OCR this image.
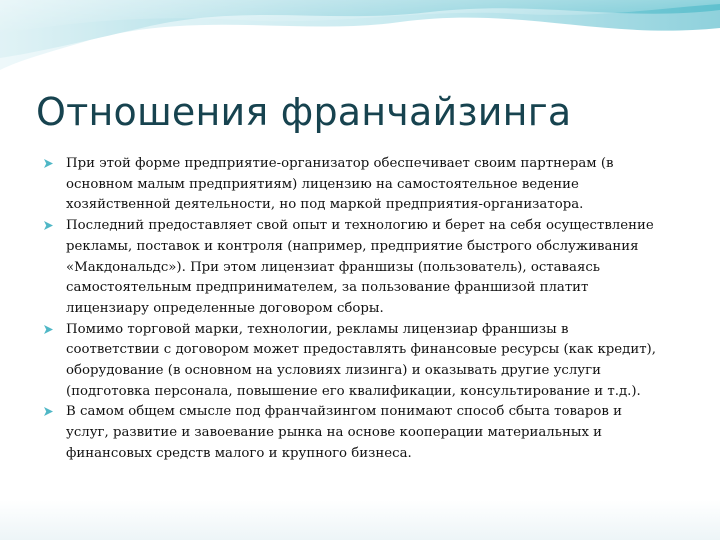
Отношения франчайзинга
При этой форме предприятие-организатор обеспечивает своим партнерам (в
основном малым предприятиям) лицензию на самостоятельное ведение
хозяйственной деятельности, но под маркой предприятия-организатора.
Последний предоставляет свой опыт и технологию и берет на себя осуществление
рекламы, поставок и контроля (например, предприятие быстрого обслуживания
«Макдональдс»). При этом лицензиат франшизы (пользователь), оставаясь
самостоятельным предпринимателем, за пользование франшизой платит
лицензиару определенные договором сборы.
Помимо торговой марки, технологии, рекламы лицензиар франшизы в
соответствии с договором может предоставлять финансовые ресурсы (как кредит),
оборудование (в основном на условиях лизинга) и оказывать другие услуги
(подготовка персонала, повышение его квалификации, консультирование и т.д.).
В самом общем смысле под франчайзингом понимают способ сбыта товаров и
услуг, развитие и завоевание рынка на основе кооперации материальных и
финансовых средств малого и крупного бизнеса.
